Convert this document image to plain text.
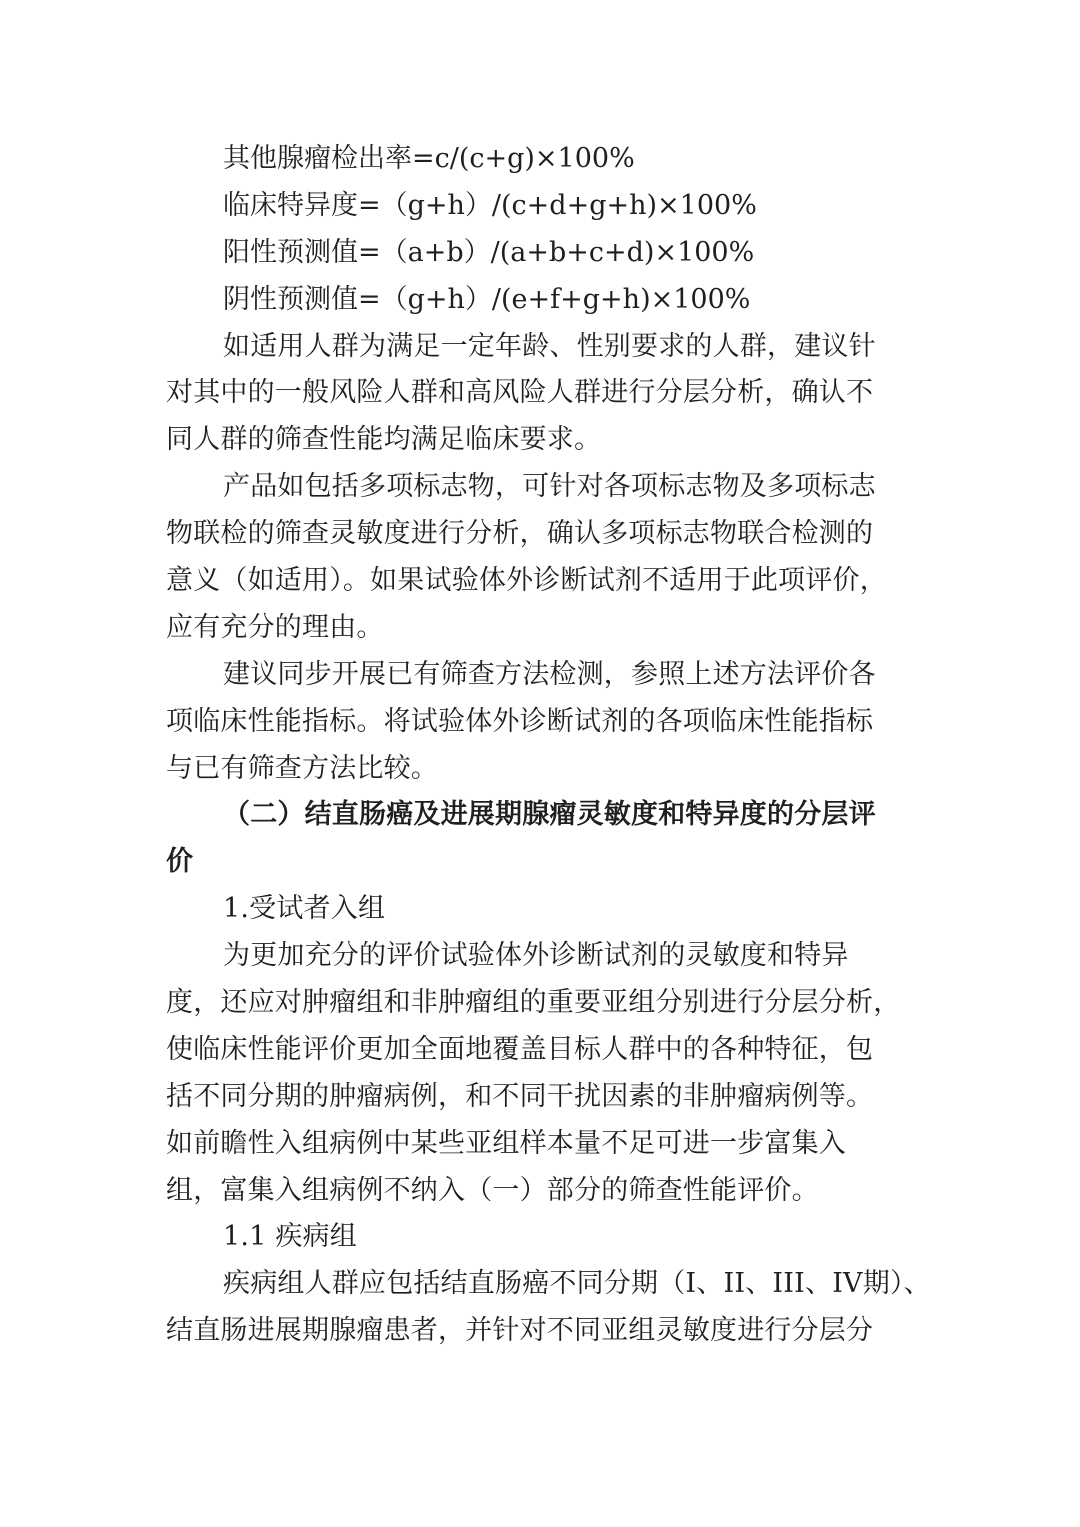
其他腺瘤检出率=c/(c+g)×100%
临床特异度=（g+h）/(c+d+g+h)×100%
阳性预测值=（a+b）/(a+b+c+d)×100%
阴性预测值=（g+h）/(e+f+g+h)×100%
如适用人群为满足一定年龄、性别要求的人群，建议针
对其中的一般风险人群和高风险人群进行分层分析，确认不
同人群的筛查性能均满足临床要求。
产品如包括多项标志物，可针对各项标志物及多项标志
物联检的筛查灵敏度进行分析，确认多项标志物联合检测的
意义（如适用）。如果试验体外诊断试剂不适用于此项评价，
应有充分的理由。
建议同步开展已有筛查方法检测，参照上述方法评价各
项临床性能指标。将试验体外诊断试剂的各项临床性能指标
与已有筛查方法比较。
（二）结直肠癌及进展期腺瘤灵敏度和特异度的分层评
价
1.受试者入组
为更加充分的评价试验体外诊断试剂的灵敏度和特异
度，还应对肿瘤组和非肿瘤组的重要亚组分别进行分层分析，
使临床性能评价更加全面地覆盖目标人群中的各种特征，包
括不同分期的肿瘤病例，和不同干扰因素的非肿瘤病例等。
如前瞻性入组病例中某些亚组样本量不足可进一步富集入
组，富集入组病例不纳入（一）部分的筛查性能评价。
1.1 疾病组
疾病组人群应包括结直肠癌不同分期（I、II、III、IV期）、
结直肠进展期腺瘤患者，并针对不同亚组灵敏度进行分层分
